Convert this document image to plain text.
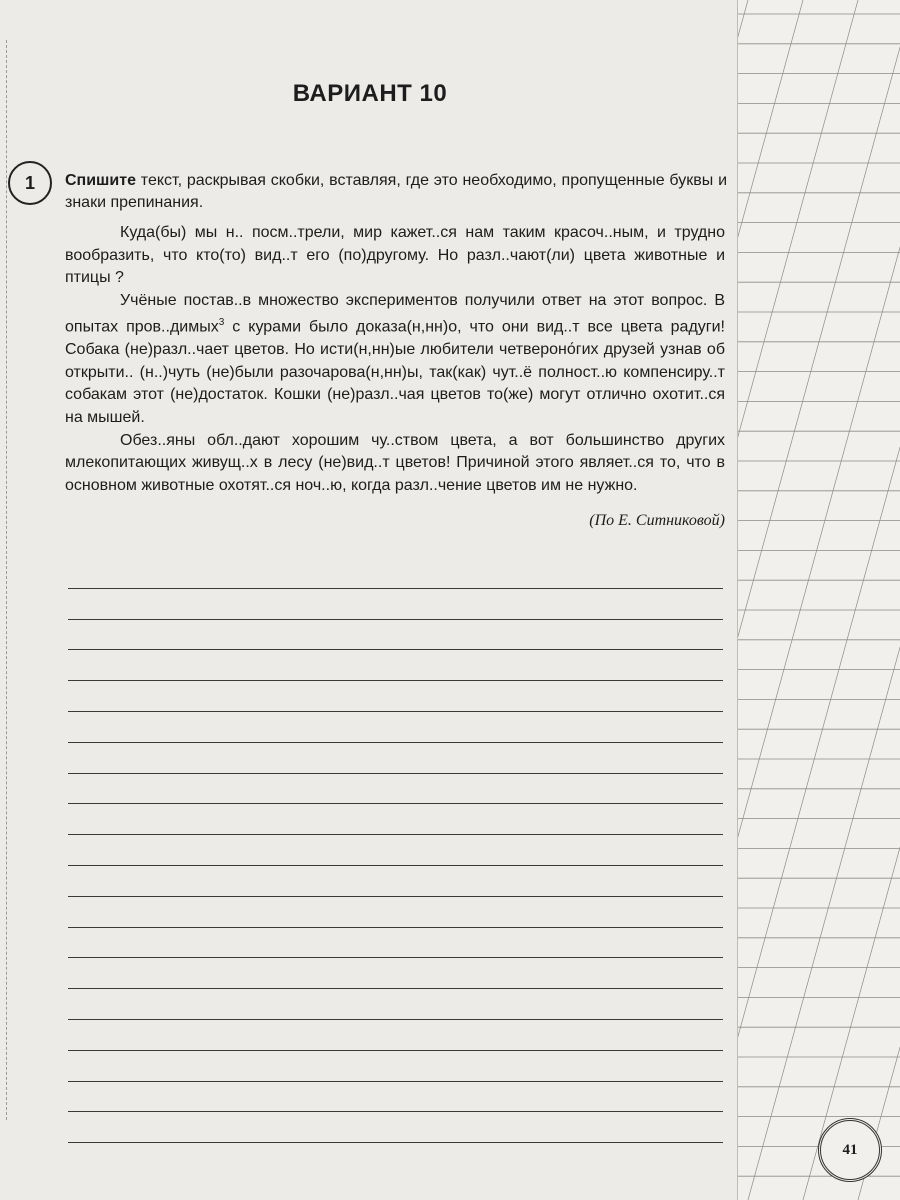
ВАРИАНТ 10
1	Спишите текст, раскрывая скобки, вставляя, где это необходимо, пропущенные буквы и знаки препинания.

Куда(бы) мы н.. посм..трели, мир кажет..ся нам таким красоч..ным, и трудно вообразить, что кто(то) вид..т его (по)другому. Но разл..чают(ли) цвета животные и птицы ?

Учёные постав..в множество экспериментов получили ответ на этот вопрос. В опытах пров..димых$^3$ с курами было доказа(н,нн)о, что они вид..т все цвета радуги! Собака (не)разл..чает цветов. Но исти(н,нн)ые любители четвероно́гих друзей узнав об открыти.. (н..)чуть (не)были разочарова(н,нн)ы, так(как) чут..ё полност..ю компенсиру..т собакам этот (не)достаток. Кошки (не)разл..чая цветов то(же) могут отлично охотит..ся на мышей.

Обез..яны обл..дают хорошим чу..ством цвета, а вот большинство других млекопитающих живущ..х в лесу (не)вид..т цветов! Причиной этого являет..ся то, что в основном животные охотят..ся ноч..ю, когда разл..чение цветов им не нужно.

(По Е. Ситниковой)
41
